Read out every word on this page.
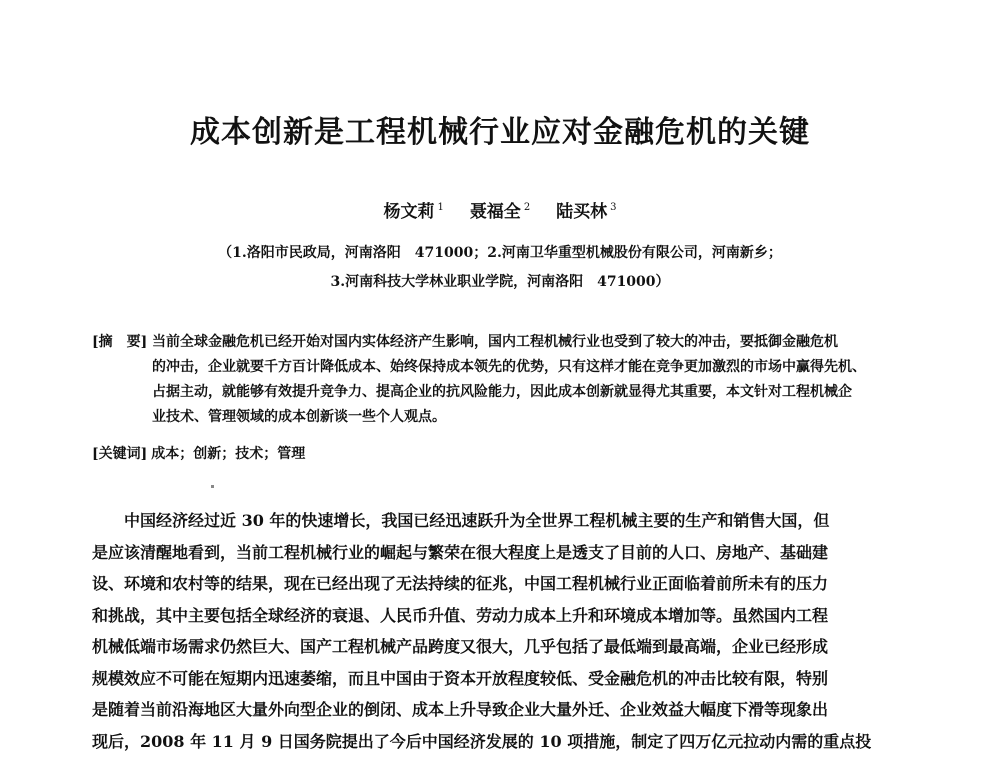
成本创新是工程机械行业应对金融危机的关键
杨文莉 $^1$ 聂福全 $^2$ 陆买林 $^3$
（1.洛阳市民政局，河南洛阳　471000；2.河南卫华重型机械股份有限公司，河南新乡；
3.河南科技大学林业职业学院，河南洛阳　471000）
[摘　要] 当前全球金融危机已经开始对国内实体经济产生影响，国内工程机械行业也受到了较大的冲击，要抵御金融危机
的冲击，企业就要千方百计降低成本、始终保持成本领先的优势，只有这样才能在竞争更加激烈的市场中赢得先机、
占据主动，就能够有效提升竞争力、提高企业的抗风险能力，因此成本创新就显得尤其重要，本文针对工程机械企
业技术、管理领域的成本创新谈一些个人观点。
[关键词] 成本；创新；技术；管理
　　中国经济经过近 30 年的快速增长，我国已经迅速跃升为全世界工程机械主要的生产和销售大国，但
是应该清醒地看到，当前工程机械行业的崛起与繁荣在很大程度上是透支了目前的人口、房地产、基础建
设、环境和农村等的结果，现在已经出现了无法持续的征兆，中国工程机械行业正面临着前所未有的压力
和挑战，其中主要包括全球经济的衰退、人民币升值、劳动力成本上升和环境成本增加等。虽然国内工程
机械低端市场需求仍然巨大、国产工程机械产品跨度又很大，几乎包括了最低端到最高端，企业已经形成
规模效应不可能在短期内迅速萎缩，而且中国由于资本开放程度较低、受金融危机的冲击比较有限，特别
是随着当前沿海地区大量外向型企业的倒闭、成本上升导致企业大量外迁、企业效益大幅度下滑等现象出
现后，2008 年 11 月 9 日国务院提出了今后中国经济发展的 10 项措施，制定了四万亿元拉动内需的重点投
